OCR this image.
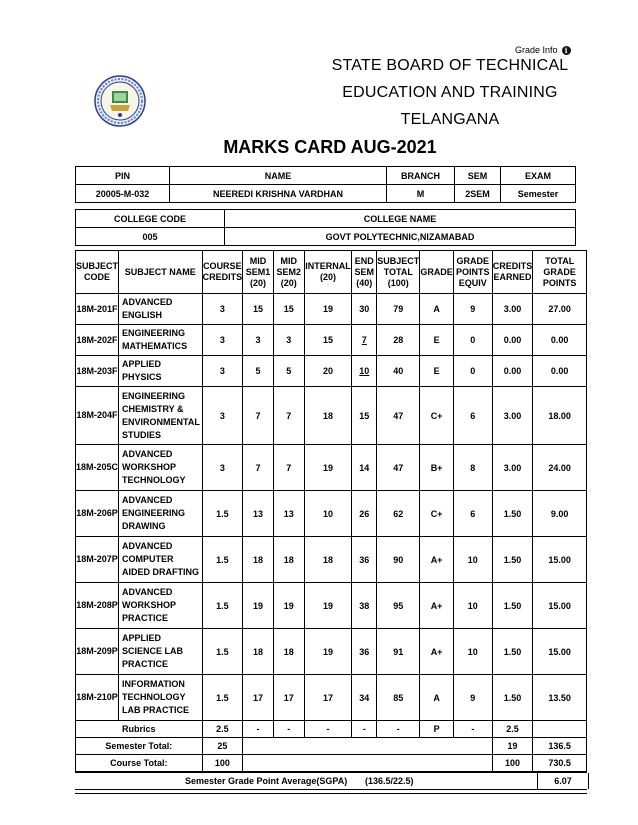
Grade Info	i
STATE BOARD OF TECHNICAL
EDUCATION AND TRAINING
TELANGANA
MARKS CARD AUG-2021
PIN	NAME	BRANCH	SEM	EXAM
20005-M-032	NEEREDI KRISHNA VARDHAN	M	2SEM	Semester
COLLEGE CODE	COLLEGE NAME
005	GOVT POLYTECHNIC,NIZAMABAD
SUBJECT CODE	SUBJECT NAME	COURSE CREDITS	MID SEM1 (20)	MID SEM2 (20)	INTERNAL (20)	END SEM (40)	SUBJECT TOTAL (100)	GRADE	GRADE POINTS EQUIV	CREDITS EARNED	TOTAL GRADE POINTS
18M-201F	ADVANCED ENGLISH	3	15	15	19	30	79	A	9	3.00	27.00
18M-202F	ENGINEERING MATHEMATICS	3	3	3	15	7	28	E	0	0.00	0.00
18M-203F	APPLIED PHYSICS	3	5	5	20	10	40	E	0	0.00	0.00
18M-204F	ENGINEERING CHEMISTRY & ENVIRONMENTAL STUDIES	3	7	7	18	15	47	C+	6	3.00	18.00
18M-205C	ADVANCED WORKSHOP TECHNOLOGY	3	7	7	19	14	47	B+	8	3.00	24.00
18M-206P	ADVANCED ENGINEERING DRAWING	1.5	13	13	10	26	62	C+	6	1.50	9.00
18M-207P	ADVANCED COMPUTER AIDED DRAFTING	1.5	18	18	18	36	90	A+	10	1.50	15.00
18M-208P	ADVANCED WORKSHOP PRACTICE	1.5	19	19	19	38	95	A+	10	1.50	15.00
18M-209P	APPLIED SCIENCE LAB PRACTICE	1.5	18	18	19	36	91	A+	10	1.50	15.00
18M-210P	INFORMATION TECHNOLOGY LAB PRACTICE	1.5	17	17	17	34	85	A	9	1.50	13.50
Rubrics		2.5	-	-	-	-	-	P	-	2.5	
Semester Total:		25								19	136.5
Course Total:		100								100	730.5
Semester Grade Point Average(SGPA) (136.5/22.5)	6.07
